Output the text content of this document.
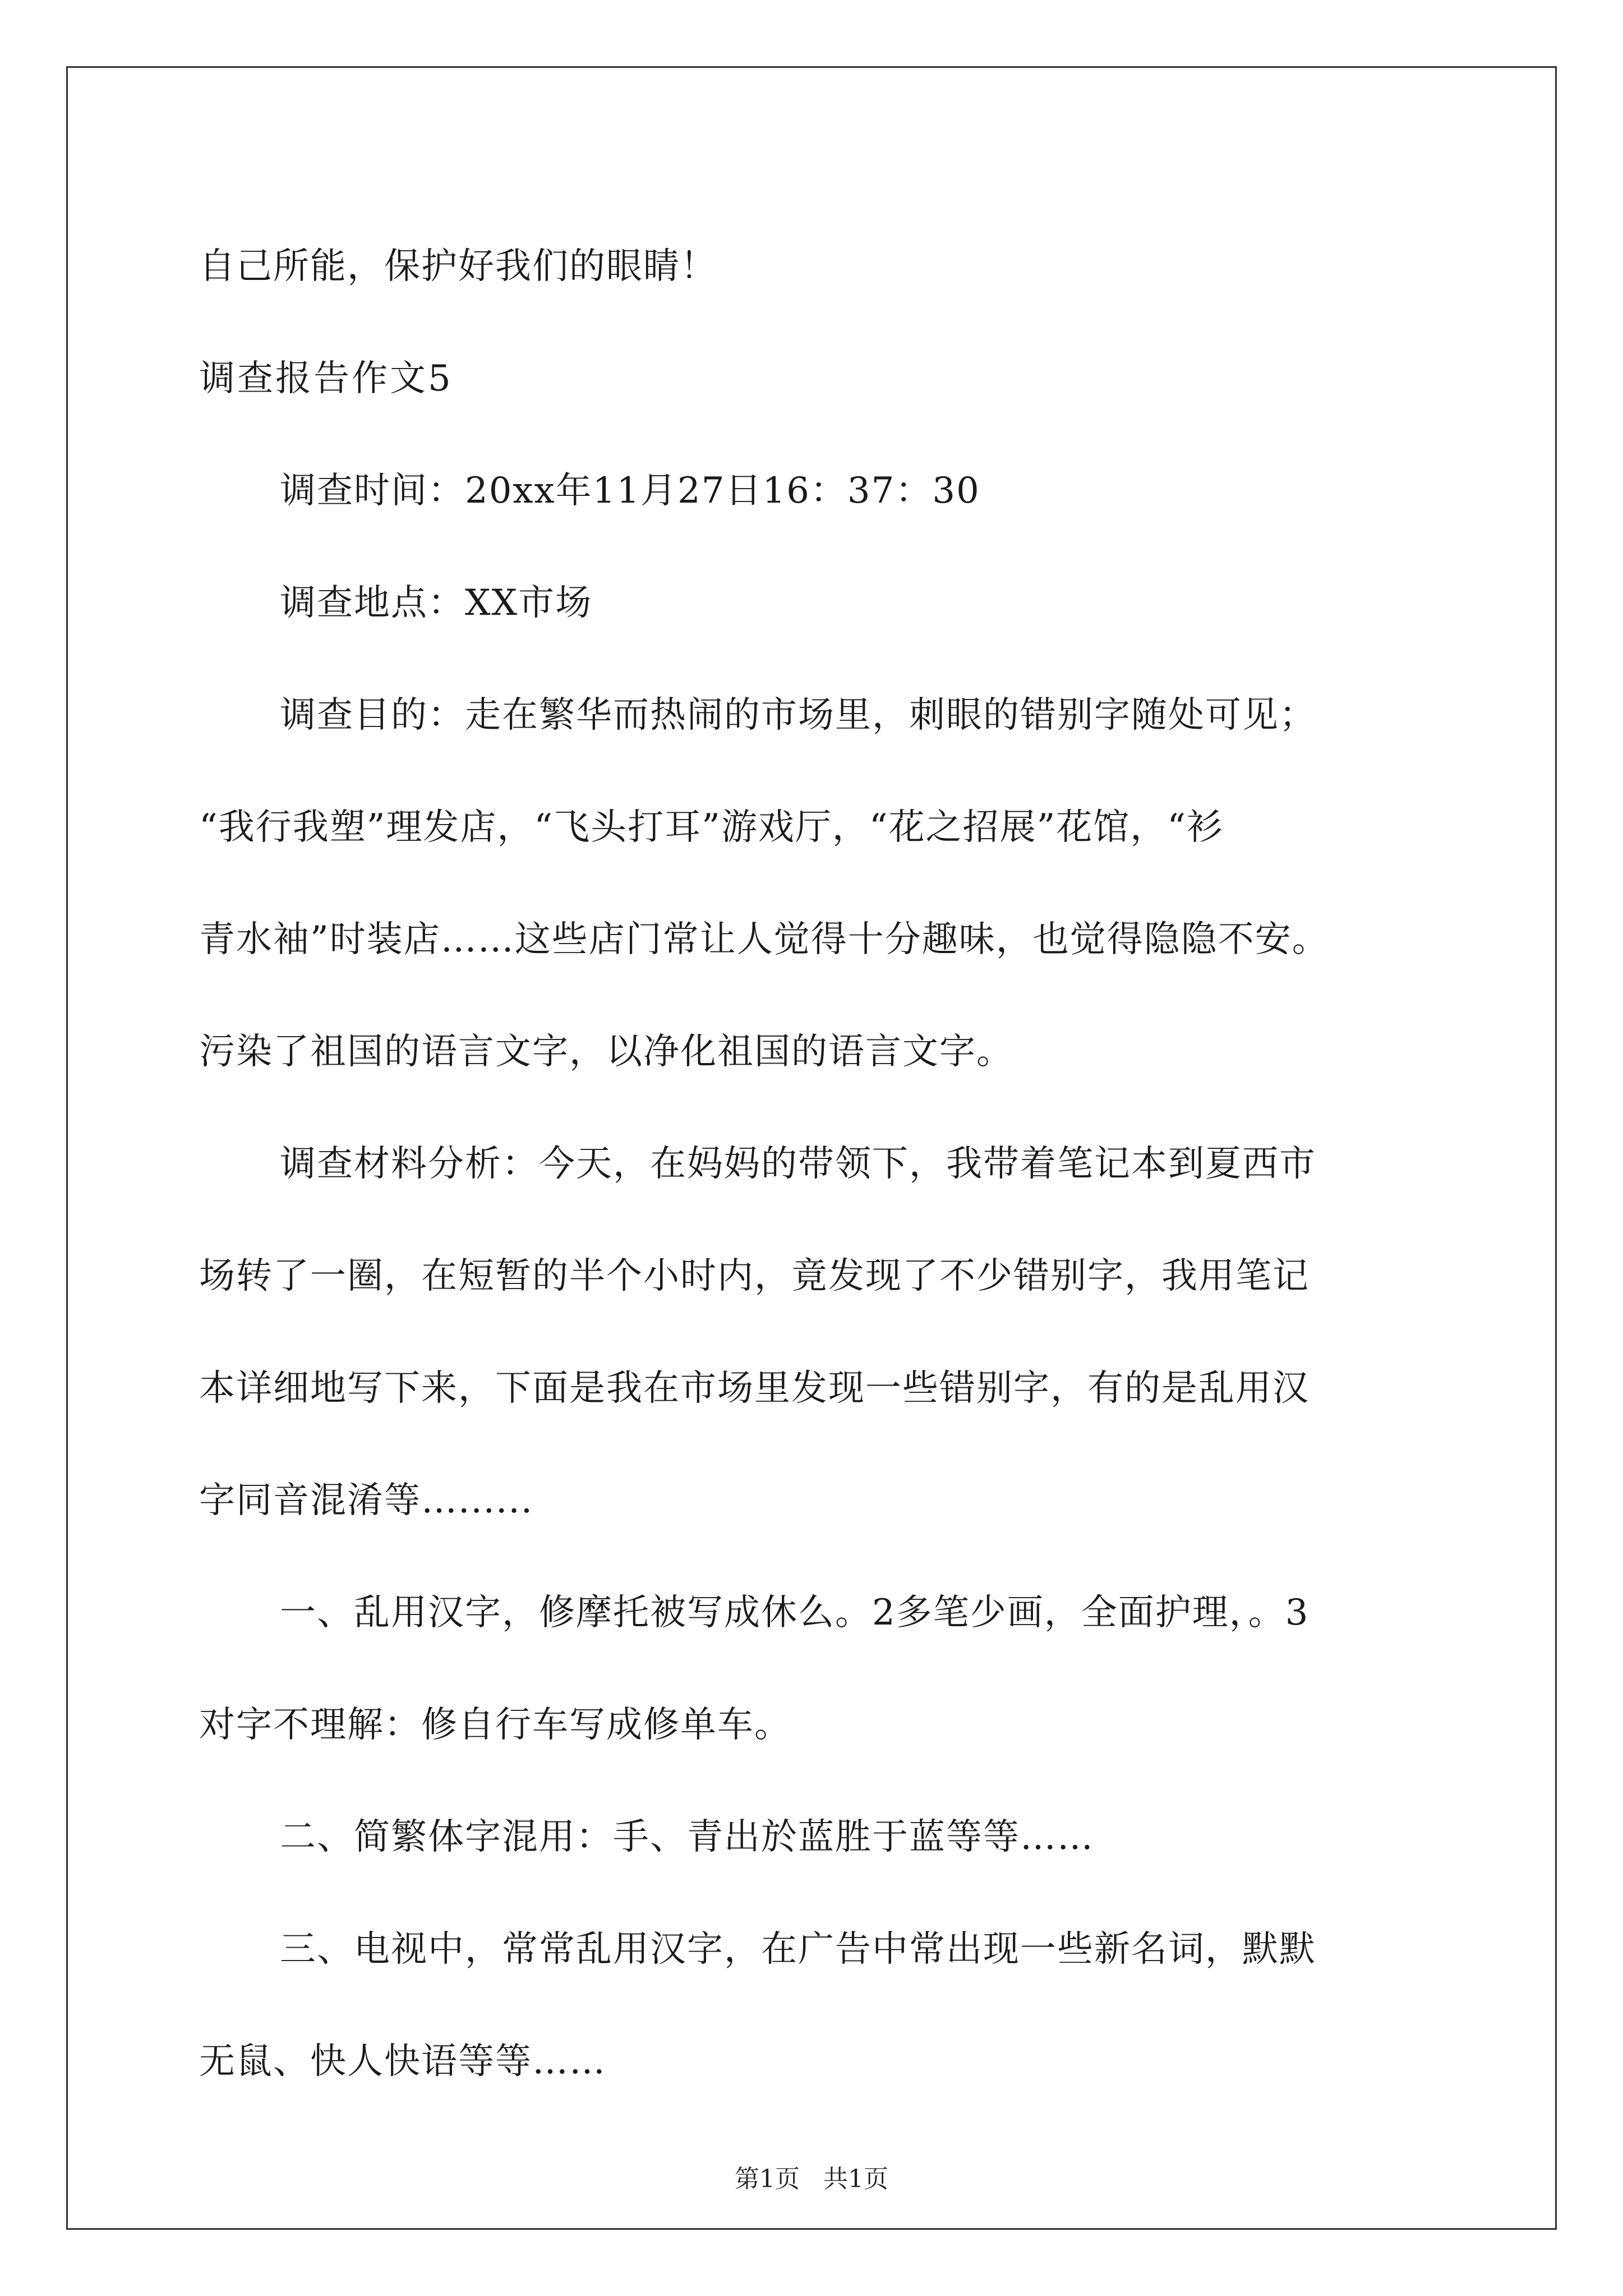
自己所能，保护好我们的眼睛！
调查报告作文5
调查时间：20xx年11月27日16：37：30
调查地点：XX市场
调查目的：走在繁华而热闹的市场里，刺眼的错别字随处可见；
“我行我塑”理发店，“飞头打耳”游戏厅，“花之招展”花馆，“衫
青水袖”时装店……这些店门常让人觉得十分趣味，也觉得隐隐不安。
污染了祖国的语言文字，以净化祖国的语言文字。
调查材料分析：今天，在妈妈的带领下，我带着笔记本到夏西市
场转了一圈，在短暂的半个小时内，竟发现了不少错别字，我用笔记
本详细地写下来，下面是我在市场里发现一些错别字，有的是乱用汉
字同音混淆等…......
一、乱用汉字，修摩托被写成休么。2多笔少画，全面护理，。3
对字不理解：修自行车写成修单车。
二、简繁体字混用：手、青出於蓝胜于蓝等等……
三、电视中，常常乱用汉字，在广告中常出现一些新名词，默默
无鼠、快人快语等等……
第1页 共1页
